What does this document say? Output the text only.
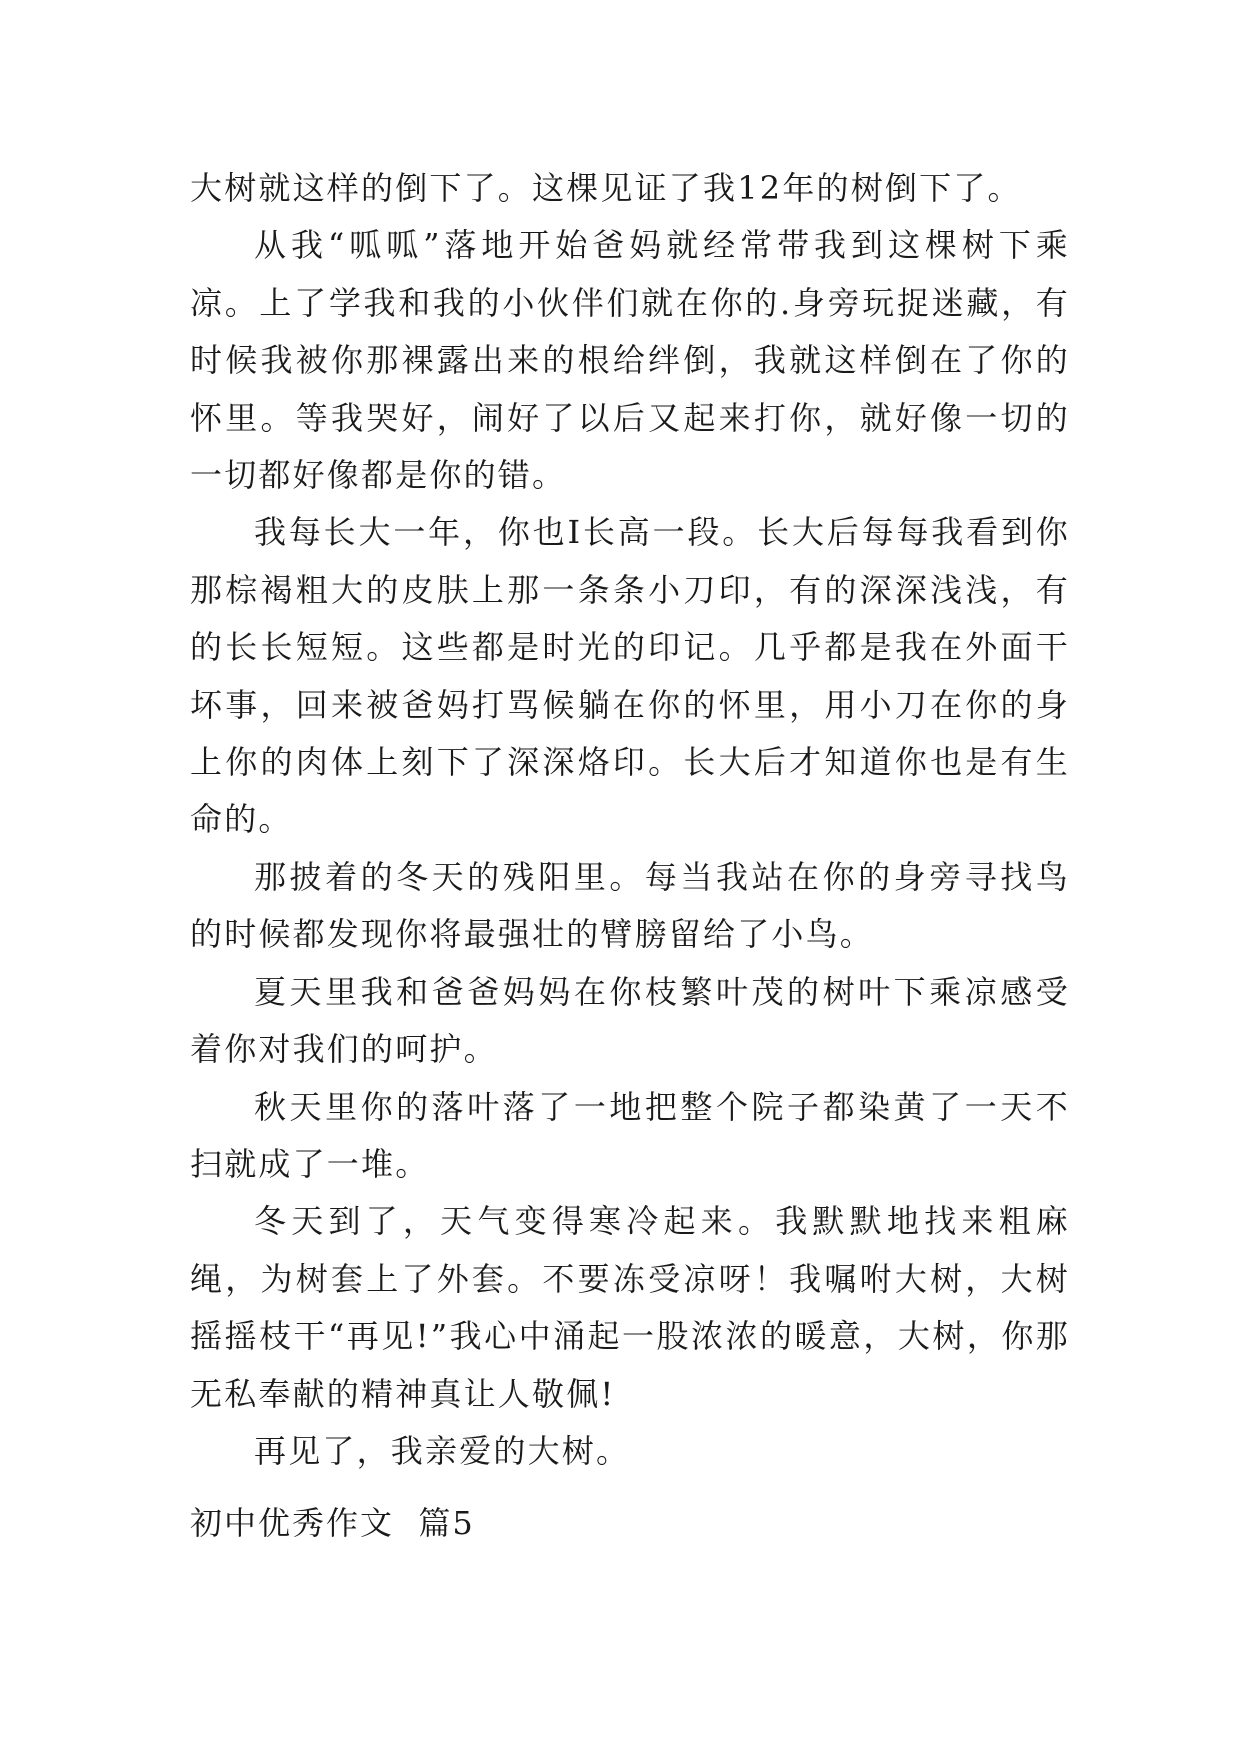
大树就这样的倒下了。这棵见证了我12年的树倒下了。

从我“呱呱”落地开始爸妈就经常带我到这棵树下乘凉。上了学我和我的小伙伴们就在你的.身旁玩捉迷藏，有时候我被你那裸露出来的根给绊倒，我就这样倒在了你的怀里。等我哭好，闹好了以后又起来打你，就好像一切的一切都好像都是你的错。

我每长大一年，你也I长高一段。长大后每每我看到你那棕褐粗大的皮肤上那一条条小刀印，有的深深浅浅，有的长长短短。这些都是时光的印记。几乎都是我在外面干坏事，回来被爸妈打骂候躺在你的怀里，用小刀在你的身上你的肉体上刻下了深深烙印。长大后才知道你也是有生命的。

那披着的冬天的残阳里。每当我站在你的身旁寻找鸟的时候都发现你将最强壮的臂膀留给了小鸟。

夏天里我和爸爸妈妈在你枝繁叶茂的树叶下乘凉感受着你对我们的呵护。

秋天里你的落叶落了一地把整个院子都染黄了一天不扫就成了一堆。

冬天到了，天气变得寒冷起来。我默默地找来粗麻绳，为树套上了外套。不要冻受凉呀！我嘱咐大树，大树摇摇枝干“再见!”我心中涌起一股浓浓的暖意，大树，你那无私奉献的精神真让人敬佩!

再见了，我亲爱的大树。

初中优秀作文  篇5
